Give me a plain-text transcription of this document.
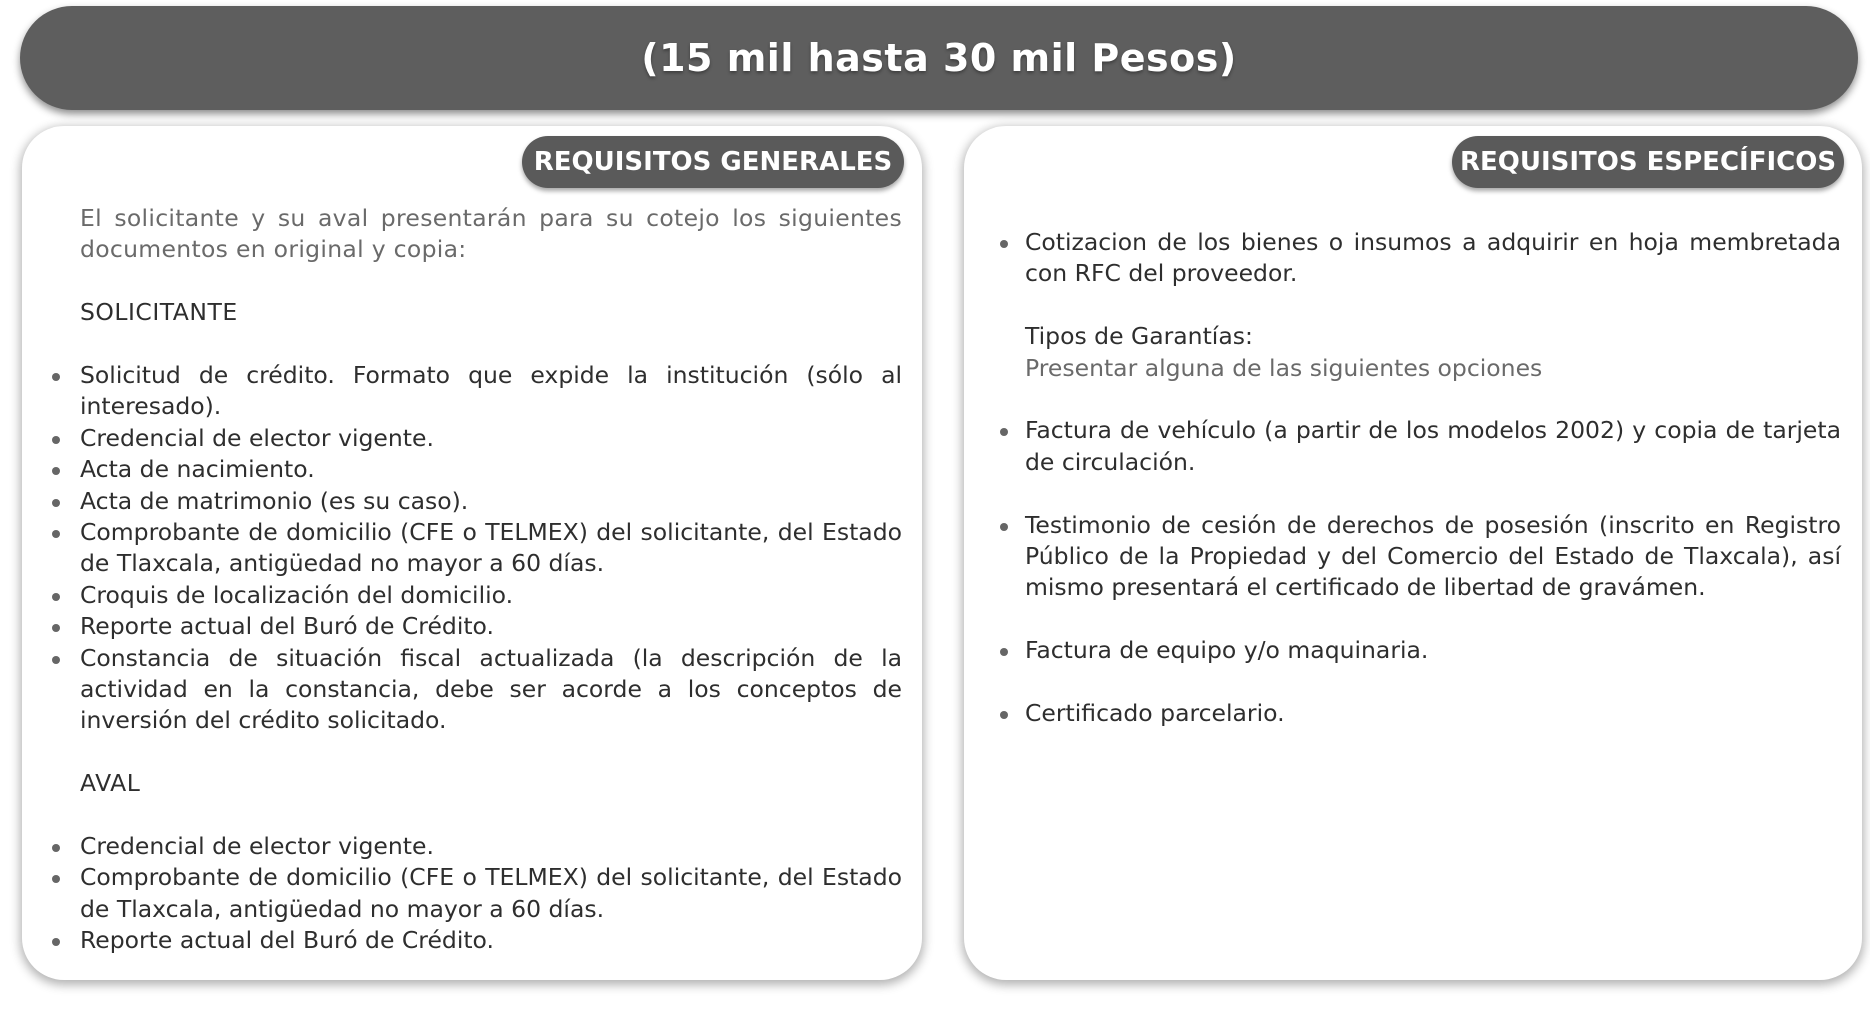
(15 mil hasta 30 mil Pesos)
REQUISITOS GENERALES

El solicitante y su aval presentarán para su cotejo los siguientes documentos en original y copia:

SOLICITANTE

Solicitud de crédito. Formato que expide la institución (sólo al interesado).
Credencial de elector vigente.
Acta de nacimiento.
Acta de matrimonio (es su caso).
Comprobante de domicilio (CFE o TELMEX) del solicitante, del Estado de Tlaxcala, antigüedad no mayor a 60 días.
Croquis de localización del domicilio.
Reporte actual del Buró de Crédito.
Constancia de situación fiscal actualizada (la descripción de la actividad en la constancia, debe ser acorde a los conceptos de inversión del crédito solicitado.

AVAL

Credencial de elector vigente.
Comprobante de domicilio (CFE o TELMEX) del solicitante, del Estado de Tlaxcala, antigüedad no mayor a 60 días.
Reporte actual del Buró de Crédito.
REQUISITOS ESPECÍFICOS
Cotizacion de los bienes o insumos a adquirir en hoja membretada con RFC del proveedor.

Tipos de Garantías:

Presentar alguna de las siguientes opciones

Factura de vehículo (a partir de los modelos 2002) y copia de tarjeta de circulación.
Testimonio de cesión de derechos de posesión (inscrito en Registro Público de la Propiedad y del Comercio del Estado de Tlaxcala), así mismo presentará el certificado de libertad de gravámen.
Factura de equipo y/o maquinaria.
Certificado parcelario.
